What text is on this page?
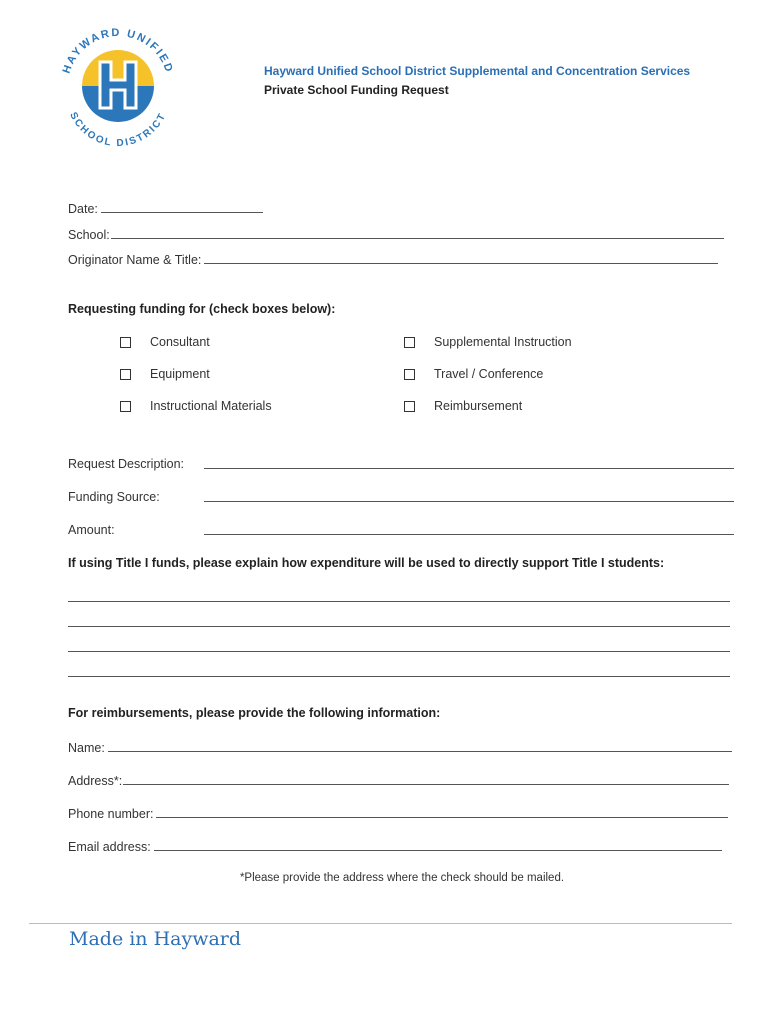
HAYWARD UNIFIED
SCHOOL DISTRICT
Hayward Unified School District Supplemental and Concentration Services
Private School Funding Request
Date:
School:
Originator Name & Title:
Requesting funding for (check boxes below):
Consultant
Equipment
Instructional Materials
Supplemental Instruction
Travel / Conference
Reimbursement
Request Description:
Funding Source:
Amount:
If using Title I funds, please explain how expenditure will be used to directly support Title I students:
For reimbursements, please provide the following information:
Name:
Address*:
Phone number:
Email address:
*Please provide the address where the check should be mailed.
Made in Hayward
